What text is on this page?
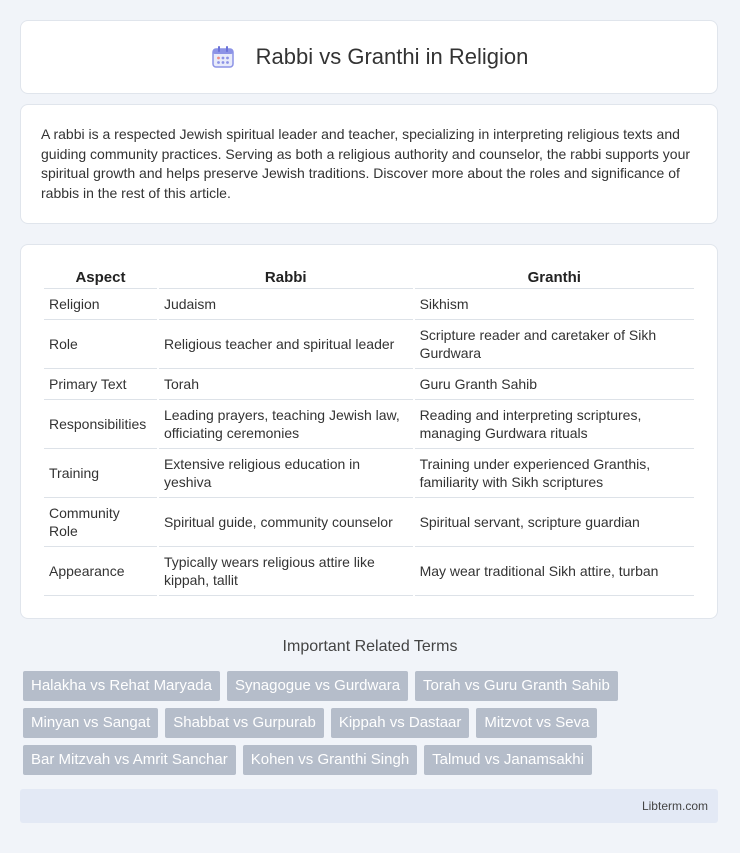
Rabbi vs Granthi in Religion

A rabbi is a respected Jewish spiritual leader and teacher, specializing in interpreting religious texts and guiding community practices. Serving as both a religious authority and counselor, the rabbi supports your spiritual growth and helps preserve Jewish traditions. Discover more about the roles and significance of rabbis in the rest of this article.

Aspect	Rabbi	Granthi
Religion	Judaism	Sikhism
Role	Religious teacher and spiritual leader	Scripture reader and caretaker of Sikh Gurdwara
Primary Text	Torah	Guru Granth Sahib
Responsibilities	Leading prayers, teaching Jewish law, officiating ceremonies	Reading and interpreting scriptures, managing Gurdwara rituals
Training	Extensive religious education in yeshiva	Training under experienced Granthis, familiarity with Sikh scriptures
Community Role	Spiritual guide, community counselor	Spiritual servant, scripture guardian
Appearance	Typically wears religious attire like kippah, tallit	May wear traditional Sikh attire, turban
Important Related Terms
Halakha vs Rehat Maryada	Synagogue vs Gurdwara	Torah vs Guru Granth Sahib
Minyan vs Sangat	Shabbat vs Gurpurab	Kippah vs Dastaar	Mitzvot vs Seva
Bar Mitzvah vs Amrit Sanchar	Kohen vs Granthi Singh	Talmud vs Janamsakhi
Libterm.com
